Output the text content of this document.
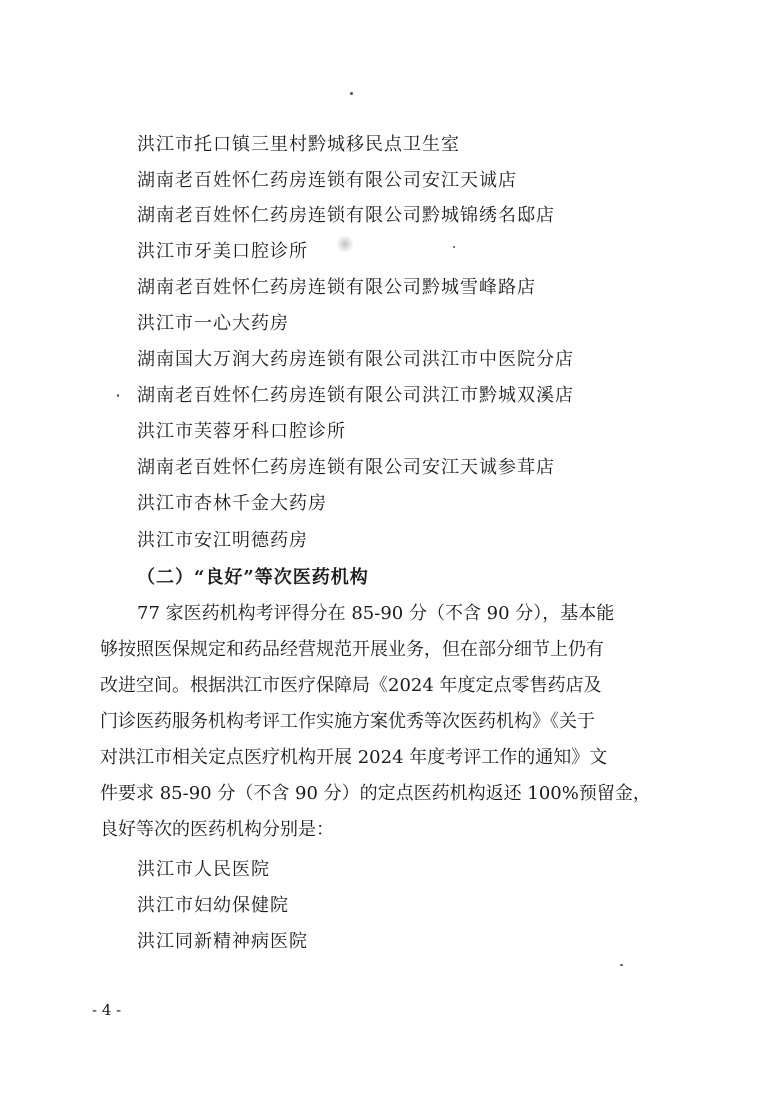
洪江市托口镇三里村黔城移民点卫生室
湖南老百姓怀仁药房连锁有限公司安江天诚店
湖南老百姓怀仁药房连锁有限公司黔城锦绣名邸店
洪江市牙美口腔诊所
湖南老百姓怀仁药房连锁有限公司黔城雪峰路店
洪江市一心大药房
湖南国大万润大药房连锁有限公司洪江市中医院分店
湖南老百姓怀仁药房连锁有限公司洪江市黔城双溪店
洪江市芙蓉牙科口腔诊所
湖南老百姓怀仁药房连锁有限公司安江天诚参茸店
洪江市杏林千金大药房
洪江市安江明德药房
（二）“良好”等次医药机构
77 家医药机构考评得分在 85-90 分（不含 90 分），基本能
够按照医保规定和药品经营规范开展业务，但在部分细节上仍有
改进空间。根据洪江市医疗保障局《2024 年度定点零售药店及
门诊医药服务机构考评工作实施方案优秀等次医药机构》《关于
对洪江市相关定点医疗机构开展 2024 年度考评工作的通知》文
件要求 85-90 分（不含 90 分）的定点医药机构返还 100%预留金，
良好等次的医药机构分别是：
洪江市人民医院
洪江市妇幼保健院
洪江同新精神病医院
- 4 -
